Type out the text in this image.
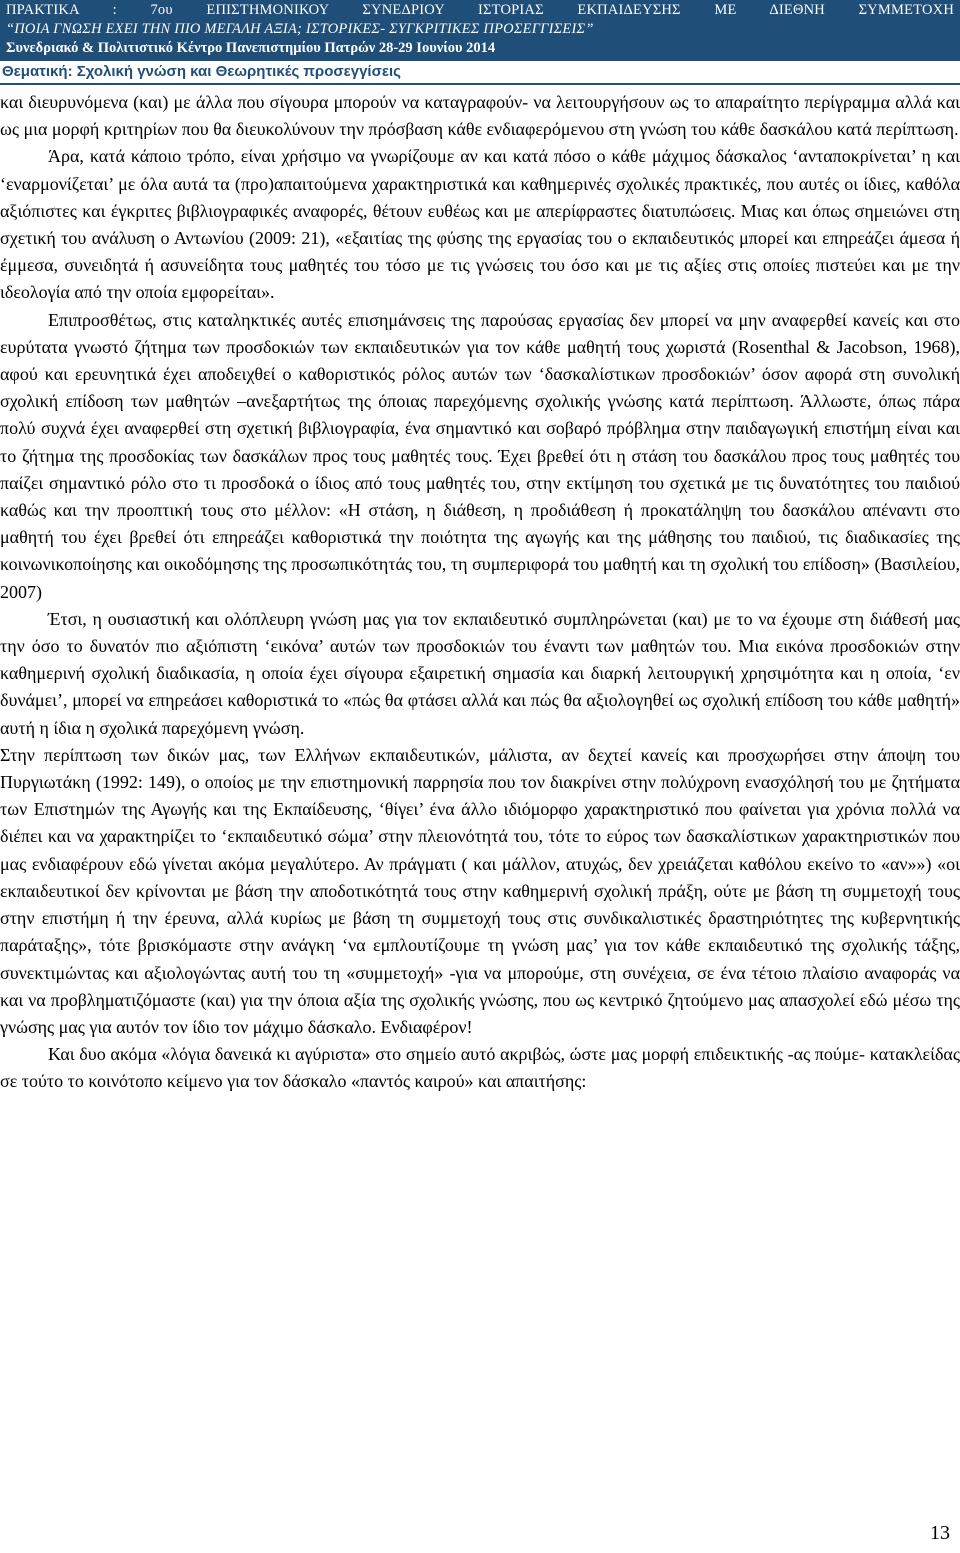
ΠΡΑΚΤΙΚΑ : 7ου ΕΠΙΣΤΗΜΟΝΙΚΟΥ ΣΥΝΕΔΡΙΟΥ ΙΣΤΟΡΙΑΣ ΕΚΠΑΙΔΕΥΣΗΣ ΜΕ ΔΙΕΘΝΗ ΣΥΜΜΕΤΟΧΗ
“ΠΟΙΑ ΓΝΩΣΗ ΕΧΕΙ ΤΗΝ ΠΙΟ ΜΕΓΑΛΗ ΑΞΙΑ; ΙΣΤΟΡΙΚΕΣ- ΣΥΓΚΡΙΤΙΚΕΣ ΠΡΟΣΕΓΓΙΣΕΙΣ”
Συνεδριακό & Πολιτιστικό Κέντρο Πανεπιστημίου Πατρών 28-29 Ιουνίου 2014
Θεματική: Σχολική γνώση και Θεωρητικές προσεγγίσεις

και διευρυνόμενα (και) με άλλα που σίγουρα μπορούν να καταγραφούν- να λειτουργήσουν ως το απαραίτητο περίγραμμα αλλά και ως μια μορφή κριτηρίων που θα διευκολύνουν την πρόσβαση κάθε ενδιαφερόμενου στη γνώση του κάθε δασκάλου κατά περίπτωση.

Άρα, κατά κάποιο τρόπο, είναι χρήσιμο να γνωρίζουμε αν και κατά πόσο ο κάθε μάχιμος δάσκαλος ‘ανταποκρίνεται’ η και ‘εναρμονίζεται’ με όλα αυτά τα (προ)απαιτούμενα χαρακτηριστικά και καθημερινές σχολικές πρακτικές, που αυτές οι ίδιες, καθόλα αξιόπιστες και έγκριτες βιβλιογραφικές αναφορές, θέτουν ευθέως και με απερίφραστες διατυπώσεις. Μιας και όπως σημειώνει στη σχετική του ανάλυση ο Αντωνίου (2009: 21), «εξαιτίας της φύσης της εργασίας του ο εκπαιδευτικός μπορεί και επηρεάζει άμεσα ή έμμεσα, συνειδητά ή ασυνείδητα τους μαθητές του τόσο με τις γνώσεις του όσο και με τις αξίες στις οποίες πιστεύει και με την ιδεολογία από την οποία εμφορείται».

Επιπροσθέτως, στις καταληκτικές αυτές επισημάνσεις της παρούσας εργασίας δεν μπορεί να μην αναφερθεί κανείς και στο ευρύτατα γνωστό ζήτημα των προσδοκιών των εκπαιδευτικών για τον κάθε μαθητή τους χωριστά (Rosenthal & Jacobson, 1968), αφού και ερευνητικά έχει αποδειχθεί ο καθοριστικός ρόλος αυτών των ‘δασκαλίστικων προσδοκιών’ όσον αφορά στη συνολική σχολική επίδοση των μαθητών –ανεξαρτήτως της όποιας παρεχόμενης σχολικής γνώσης κατά περίπτωση. Άλλωστε, όπως πάρα πολύ συχνά έχει αναφερθεί στη σχετική βιβλιογραφία, ένα σημαντικό και σοβαρό πρόβλημα στην παιδαγωγική επιστήμη είναι και το ζήτημα της προσδοκίας των δασκάλων προς τους μαθητές τους. Έχει βρεθεί ότι η στάση του δασκάλου προς τους μαθητές του παίζει σημαντικό ρόλο στο τι προσδοκά ο ίδιος από τους μαθητές του, στην εκτίμηση του σχετικά με τις δυνατότητες του παιδιού καθώς και την προοπτική τους στο μέλλον: «Η στάση, η διάθεση, η προδιάθεση ή προκατάληψη του δασκάλου απέναντι στο μαθητή του έχει βρεθεί ότι επηρεάζει καθοριστικά την ποιότητα της αγωγής και της μάθησης του παιδιού, τις διαδικασίες της κοινωνικοποίησης και οικοδόμησης της προσωπικότητάς του, τη συμπεριφορά του μαθητή και τη σχολική του επίδοση» (Βασιλείου, 2007)

Έτσι, η ουσιαστική και ολόπλευρη γνώση μας για τον εκπαιδευτικό συμπληρώνεται (και) με το να έχουμε στη διάθεσή μας την όσο το δυνατόν πιο αξιόπιστη ‘εικόνα’ αυτών των προσδοκιών του έναντι των μαθητών του. Μια εικόνα προσδοκιών στην καθημερινή σχολική διαδικασία, η οποία έχει σίγουρα εξαιρετική σημασία και διαρκή λειτουργική χρησιμότητα και η οποία, ‘εν δυνάμει’, μπορεί να επηρεάσει καθοριστικά το «πώς θα φτάσει αλλά και πώς θα αξιολογηθεί ως σχολική επίδοση του κάθε μαθητή» αυτή η ίδια η σχολικά παρεχόμενη γνώση.

Στην περίπτωση των δικών μας, των Ελλήνων εκπαιδευτικών, μάλιστα, αν δεχτεί κανείς και προσχωρήσει στην άποψη του Πυργιωτάκη (1992: 149), ο οποίος με την επιστημονική παρρησία που τον διακρίνει στην πολύχρονη ενασχόλησή του με ζητήματα των Επιστημών της Αγωγής και της Εκπαίδευσης, ‘θίγει’ ένα άλλο ιδιόμορφο χαρακτηριστικό που φαίνεται για χρόνια πολλά να διέπει και να χαρακτηρίζει το ‘εκπαιδευτικό σώμα’ στην πλειονότητά του, τότε το εύρος των δασκαλίστικων χαρακτηριστικών που μας ενδιαφέρουν εδώ γίνεται ακόμα μεγαλύτερο. Αν πράγματι ( και μάλλον, ατυχώς, δεν χρειάζεται καθόλου εκείνο το «αν»») «οι εκπαιδευτικοί δεν κρίνονται με βάση την αποδοτικότητά τους στην καθημερινή σχολική πράξη, ούτε με βάση τη συμμετοχή τους στην επιστήμη ή την έρευνα, αλλά κυρίως με βάση τη συμμετοχή τους στις συνδικαλιστικές δραστηριότητες της κυβερνητικής παράταξης», τότε βρισκόμαστε στην ανάγκη ‘να εμπλουτίζουμε τη γνώση μας’ για τον κάθε εκπαιδευτικό της σχολικής τάξης, συνεκτιμώντας και αξιολογώντας αυτή του τη «συμμετοχή» -για να μπορούμε, στη συνέχεια, σε ένα τέτοιο πλαίσιο αναφοράς να και να προβληματιζόμαστε (και) για την όποια αξία της σχολικής γνώσης, που ως κεντρικό ζητούμενο μας απασχολεί εδώ μέσω της γνώσης μας για αυτόν τον ίδιο τον μάχιμο δάσκαλο. Ενδιαφέρον!

Και δυο ακόμα «λόγια δανεικά κι αγύριστα» στο σημείο αυτό ακριβώς, ώστε μας μορφή επιδεικτικής -ας πούμε- κατακλείδας σε τούτο το κοινότοπο κείμενο για τον δάσκαλο «παντός καιρού» και απαιτήσης:

13
